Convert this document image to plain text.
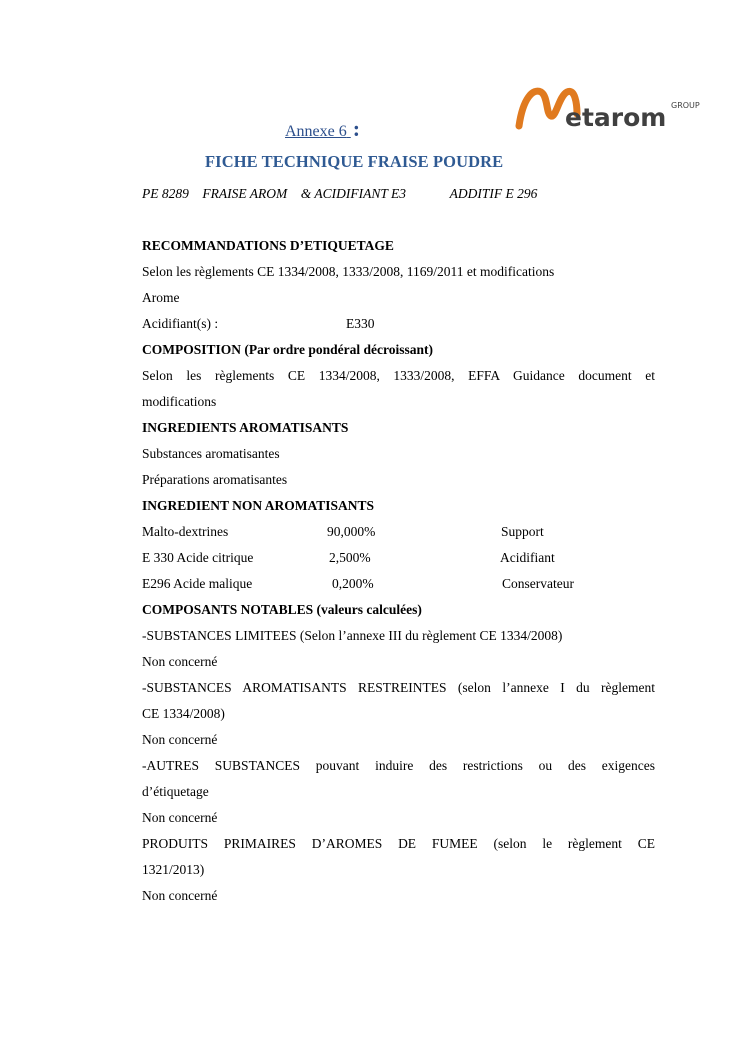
etarom GROUP
Annexe 6 :
FICHE TECHNIQUE FRAISE POUDRE
PE 8289 FRAISE AROM & ACIDIFIANT E3	ADDITIF E 296
RECOMMANDATIONS D’ETIQUETAGE
Selon les règlements CE 1334/2008, 1333/2008, 1169/2011 et modifications
Arome
Acidifiant(s) :	E330
COMPOSITION (Par ordre pondéral décroissant)
Selon les règlements CE 1334/2008, 1333/2008, EFFA Guidance document et
modifications
INGREDIENTS AROMATISANTS
Substances aromatisantes
Préparations aromatisantes
INGREDIENT NON AROMATISANTS
Malto-dextrines	90,000%	Support
E 330 Acide citrique	2,500%	Acidifiant
E296 Acide malique	0,200%	Conservateur
COMPOSANTS NOTABLES (valeurs calculées)
-SUBSTANCES LIMITEES (Selon l’annexe III du règlement CE 1334/2008)
Non concerné
-SUBSTANCES AROMATISANTS RESTREINTES (selon l’annexe I du règlement
CE 1334/2008)
Non concerné
-AUTRES SUBSTANCES pouvant induire des restrictions ou des exigences
d’étiquetage
Non concerné
PRODUITS PRIMAIRES D’AROMES DE FUMEE (selon le règlement CE
1321/2013)
Non concerné
